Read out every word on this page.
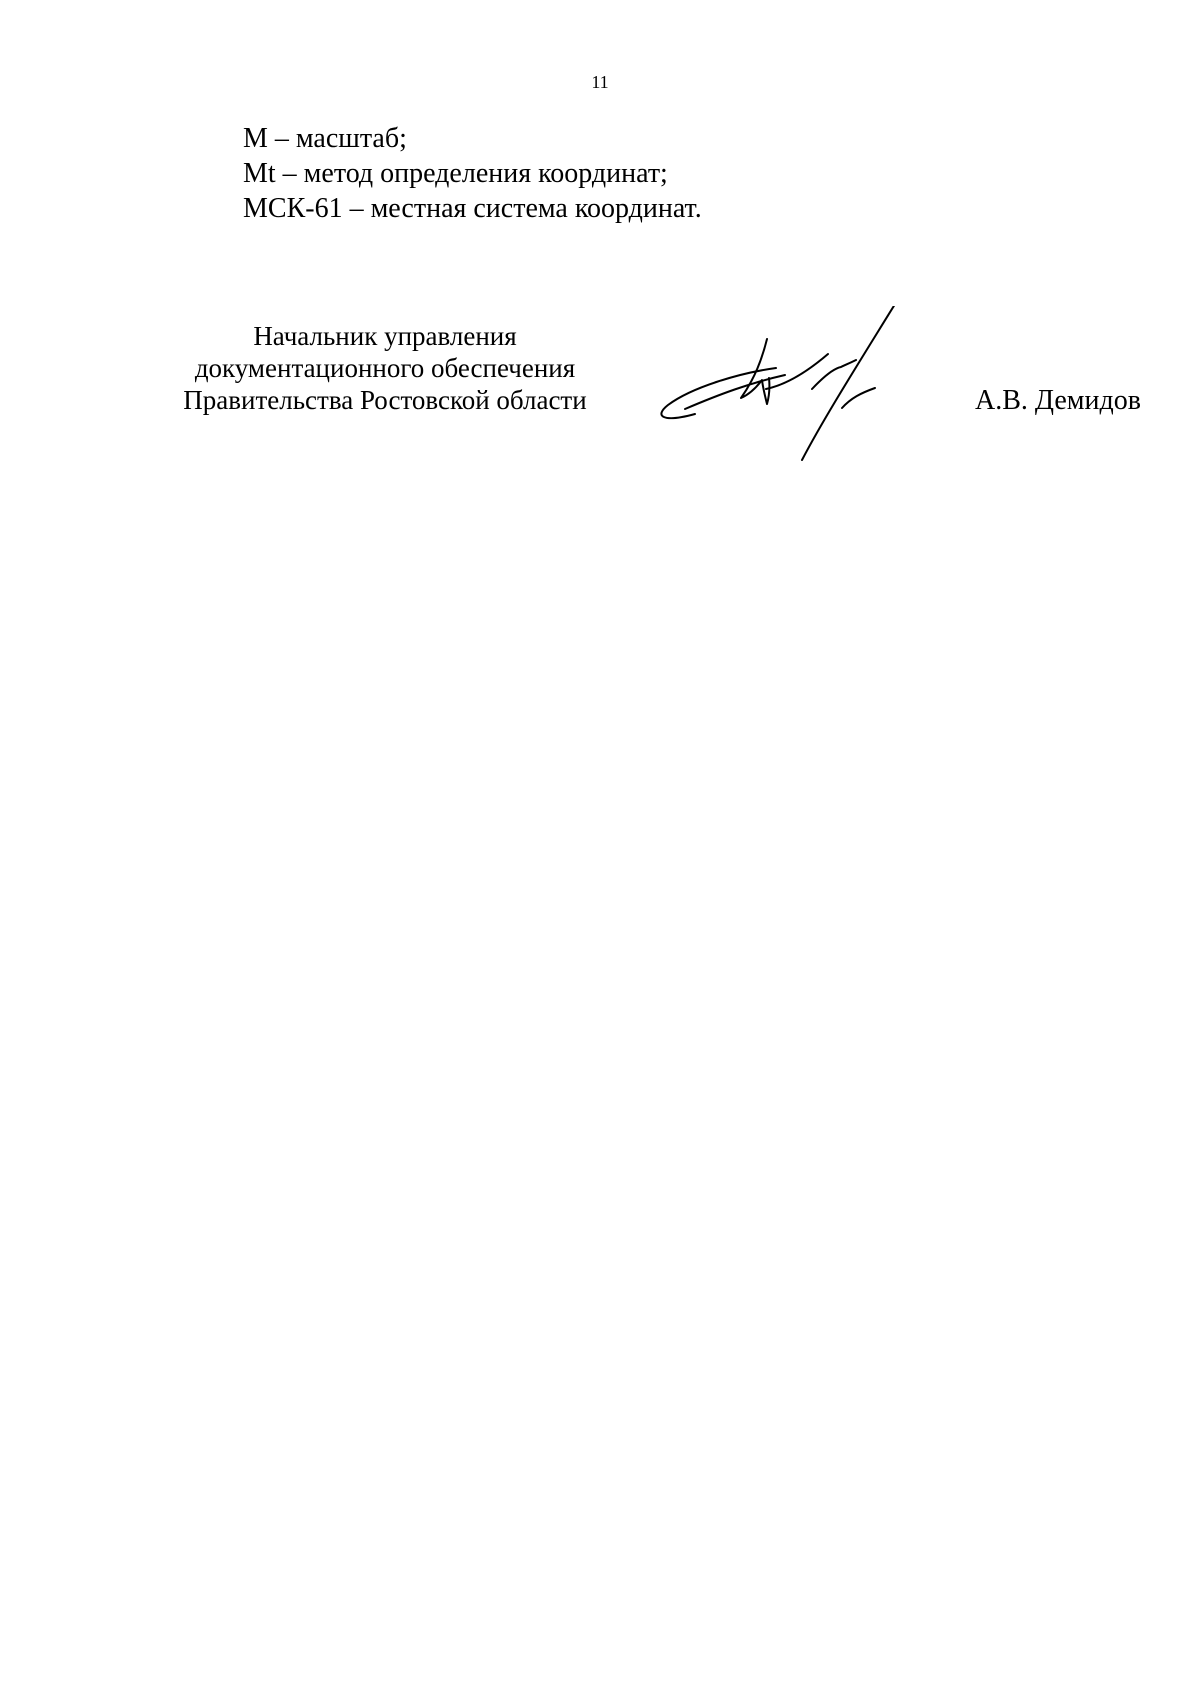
11
М – масштаб;
Mt – метод определения координат;
МСК-61 – местная система координат.
Начальник управления
документационного обеспечения
Правительства Ростовской области	А.В. Демидов
